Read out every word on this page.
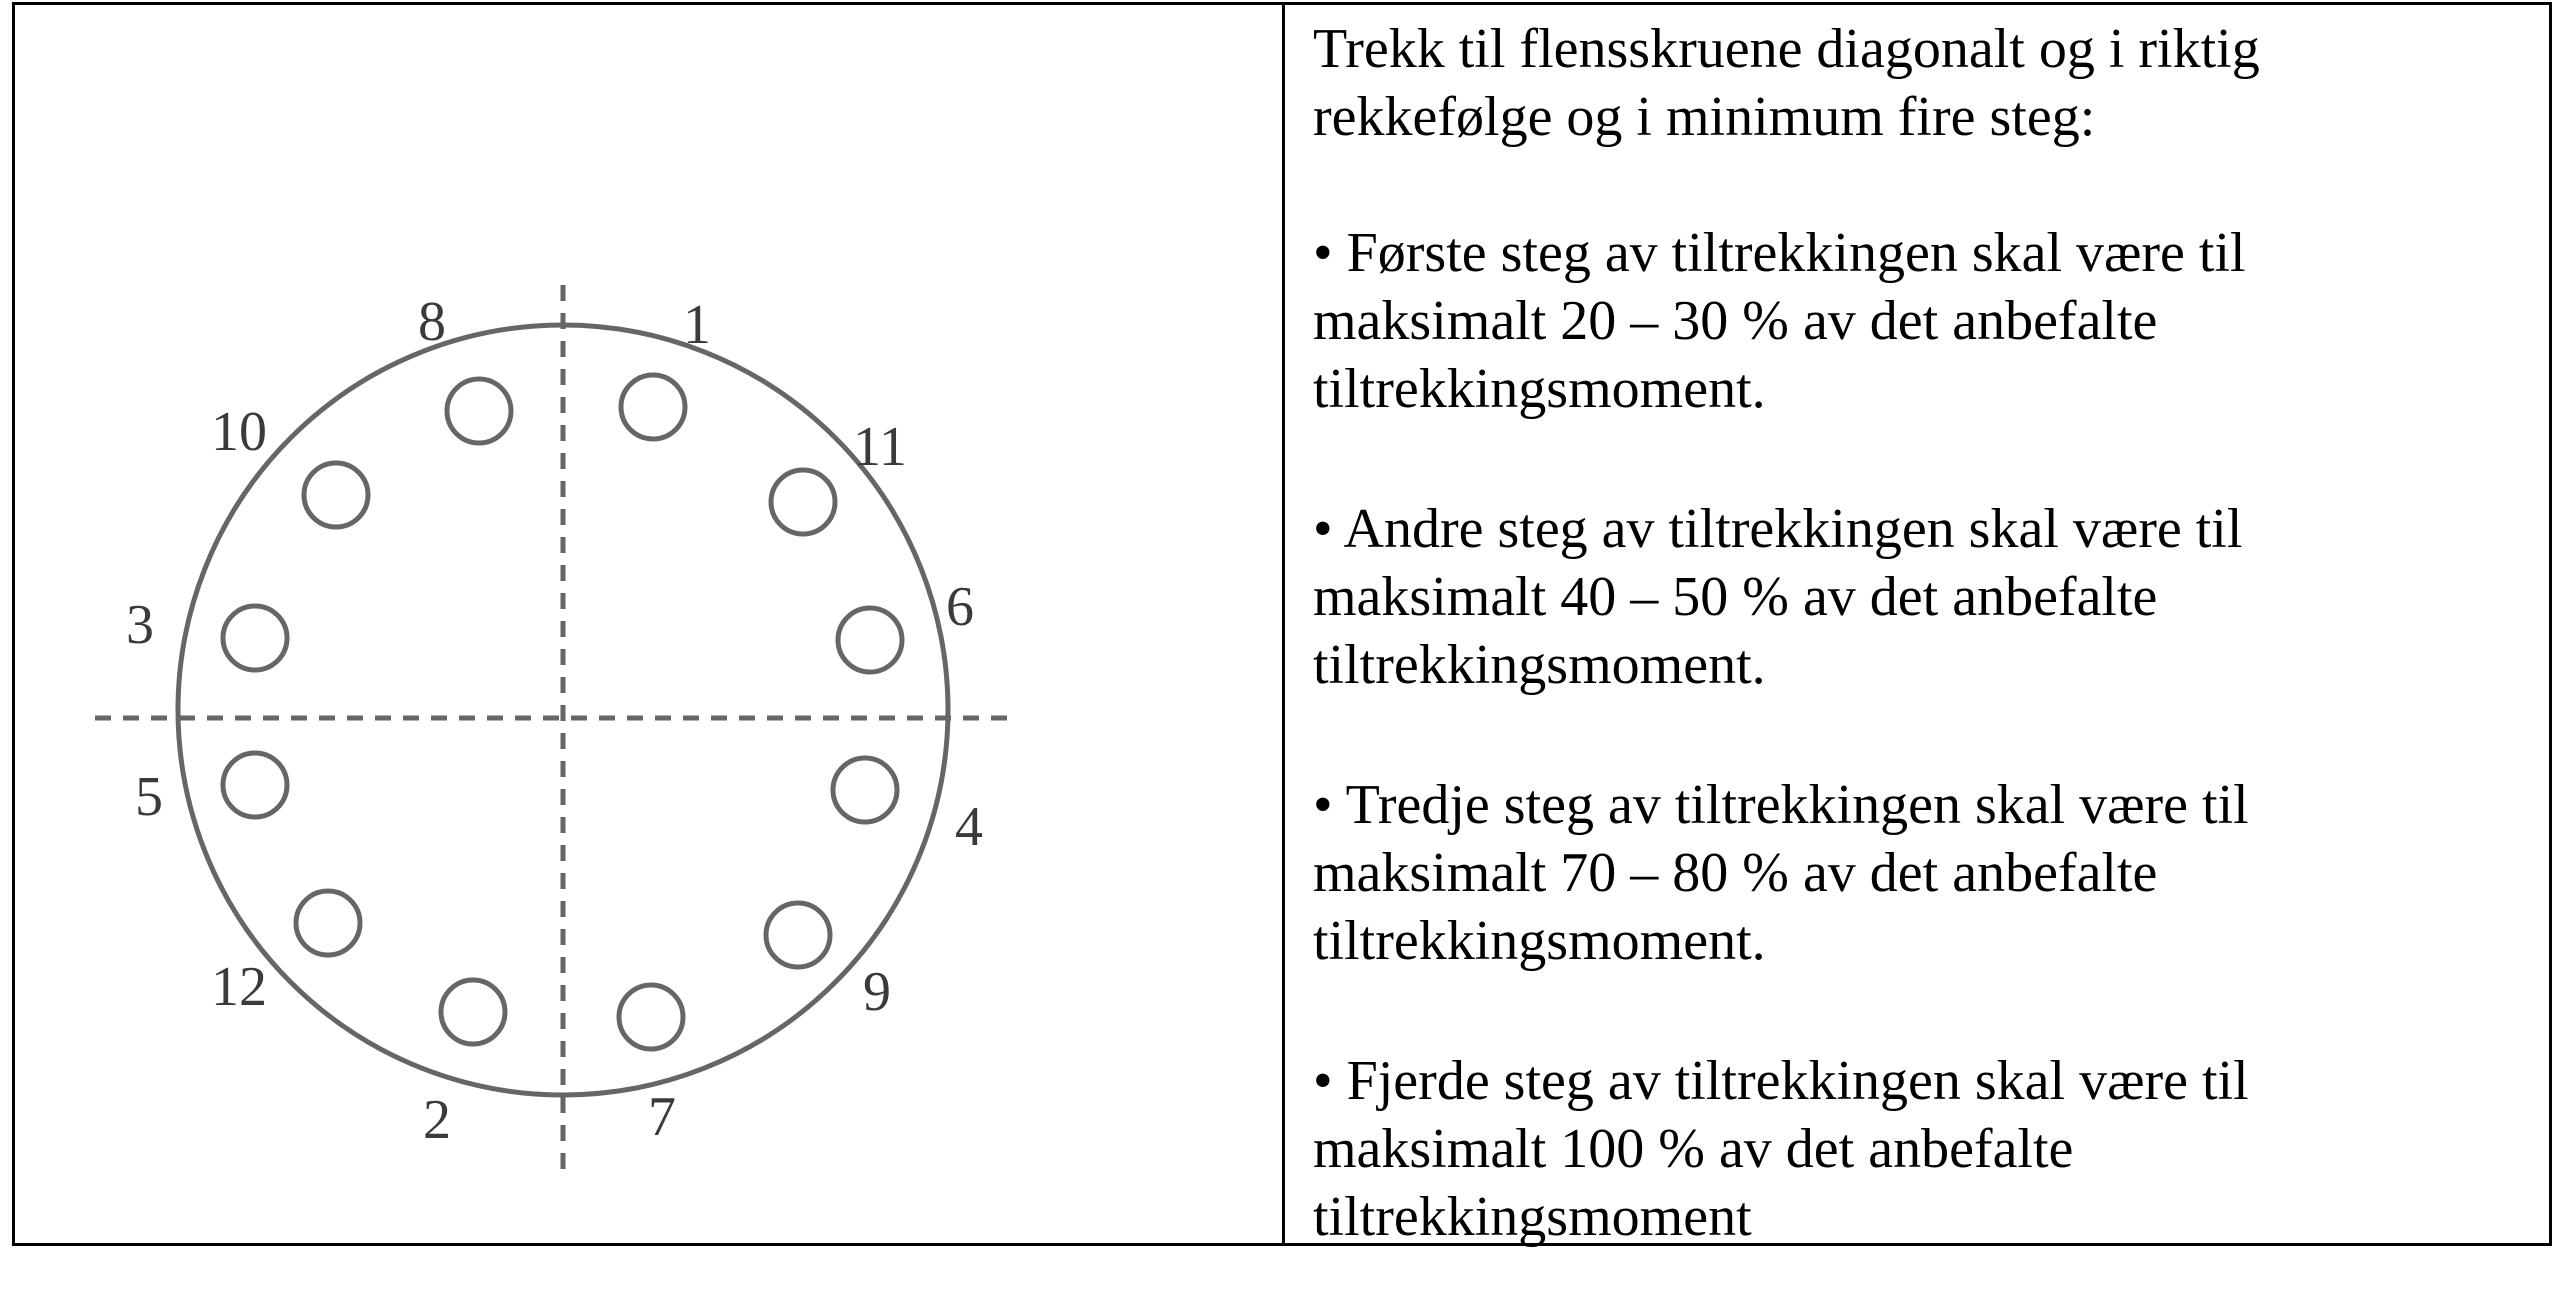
1
2
3
4
5
6
7
8
9
10	11
12

Trekk til flensskruene diagonalt og i riktig
rekkefølge og i minimum fire steg:

• Første steg av tiltrekkingen skal være til
maksimalt 20 – 30 % av det anbefalte
tiltrekkingsmoment.

• Andre steg av tiltrekkingen skal være til
maksimalt 40 – 50 % av det anbefalte
tiltrekkingsmoment.

• Tredje steg av tiltrekkingen skal være til
maksimalt 70 – 80 % av det anbefalte
tiltrekkingsmoment.

• Fjerde steg av tiltrekkingen skal være til
maksimalt 100 % av det anbefalte
tiltrekkingsmoment
